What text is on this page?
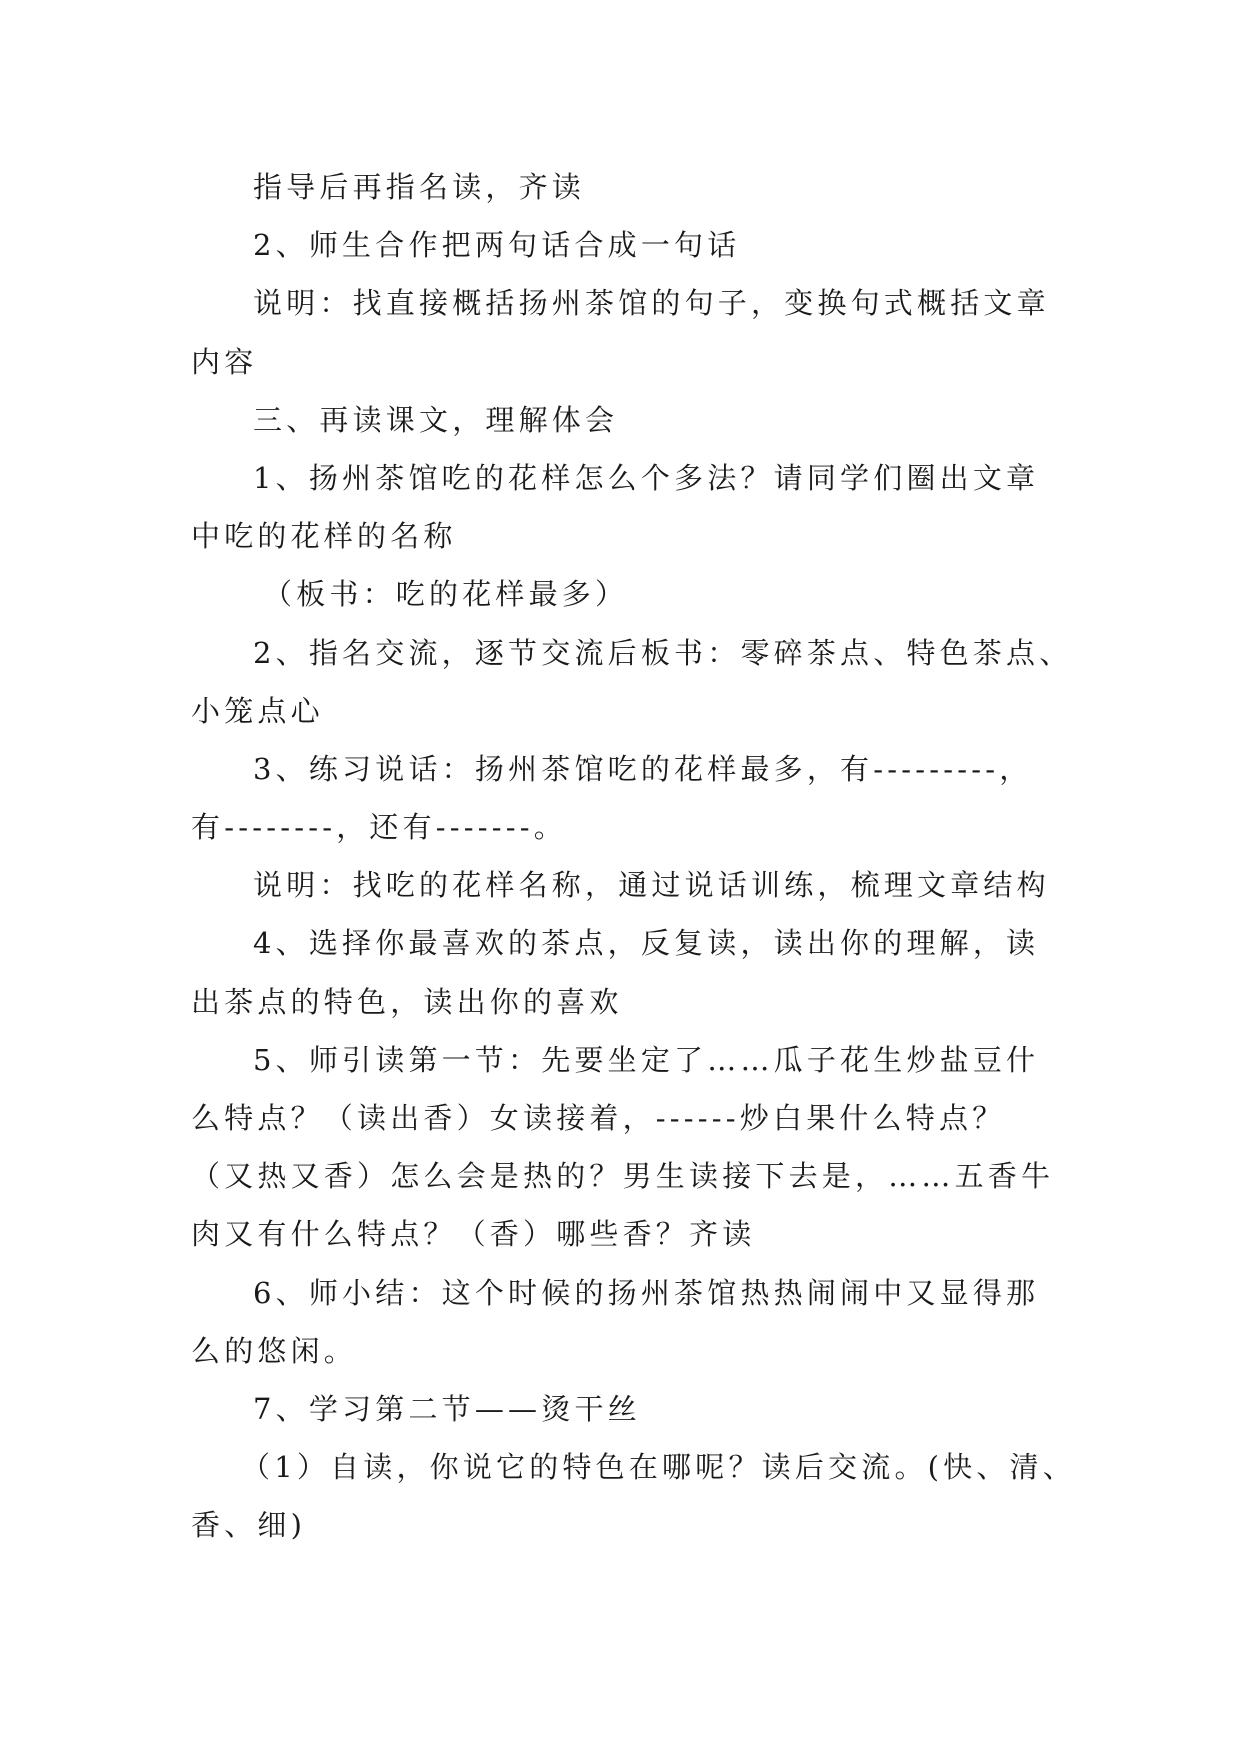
指导后再指名读，齐读
2、师生合作把两句话合成一句话
说明：找直接概括扬州茶馆的句子，变换句式概括文章
内容
三、再读课文，理解体会
1、扬州茶馆吃的花样怎么个多法？请同学们圈出文章
中吃的花样的名称
（板书：吃的花样最多）
2、指名交流，逐节交流后板书：零碎茶点、特色茶点、
小笼点心
3、练习说话：扬州茶馆吃的花样最多，有---------，
有--------，还有-------。
说明：找吃的花样名称，通过说话训练，梳理文章结构
4、选择你最喜欢的茶点，反复读，读出你的理解，读
出茶点的特色，读出你的喜欢
5、师引读第一节：先要坐定了……瓜子花生炒盐豆什
么特点？（读出香）女读接着，------炒白果什么特点？
（又热又香）怎么会是热的？男生读接下去是，……五香牛
肉又有什么特点？（香）哪些香？齐读
6、师小结：这个时候的扬州茶馆热热闹闹中又显得那
么的悠闲。
7、学习第二节——烫干丝
（1）自读，你说它的特色在哪呢？读后交流。(快、清、
香、细)
